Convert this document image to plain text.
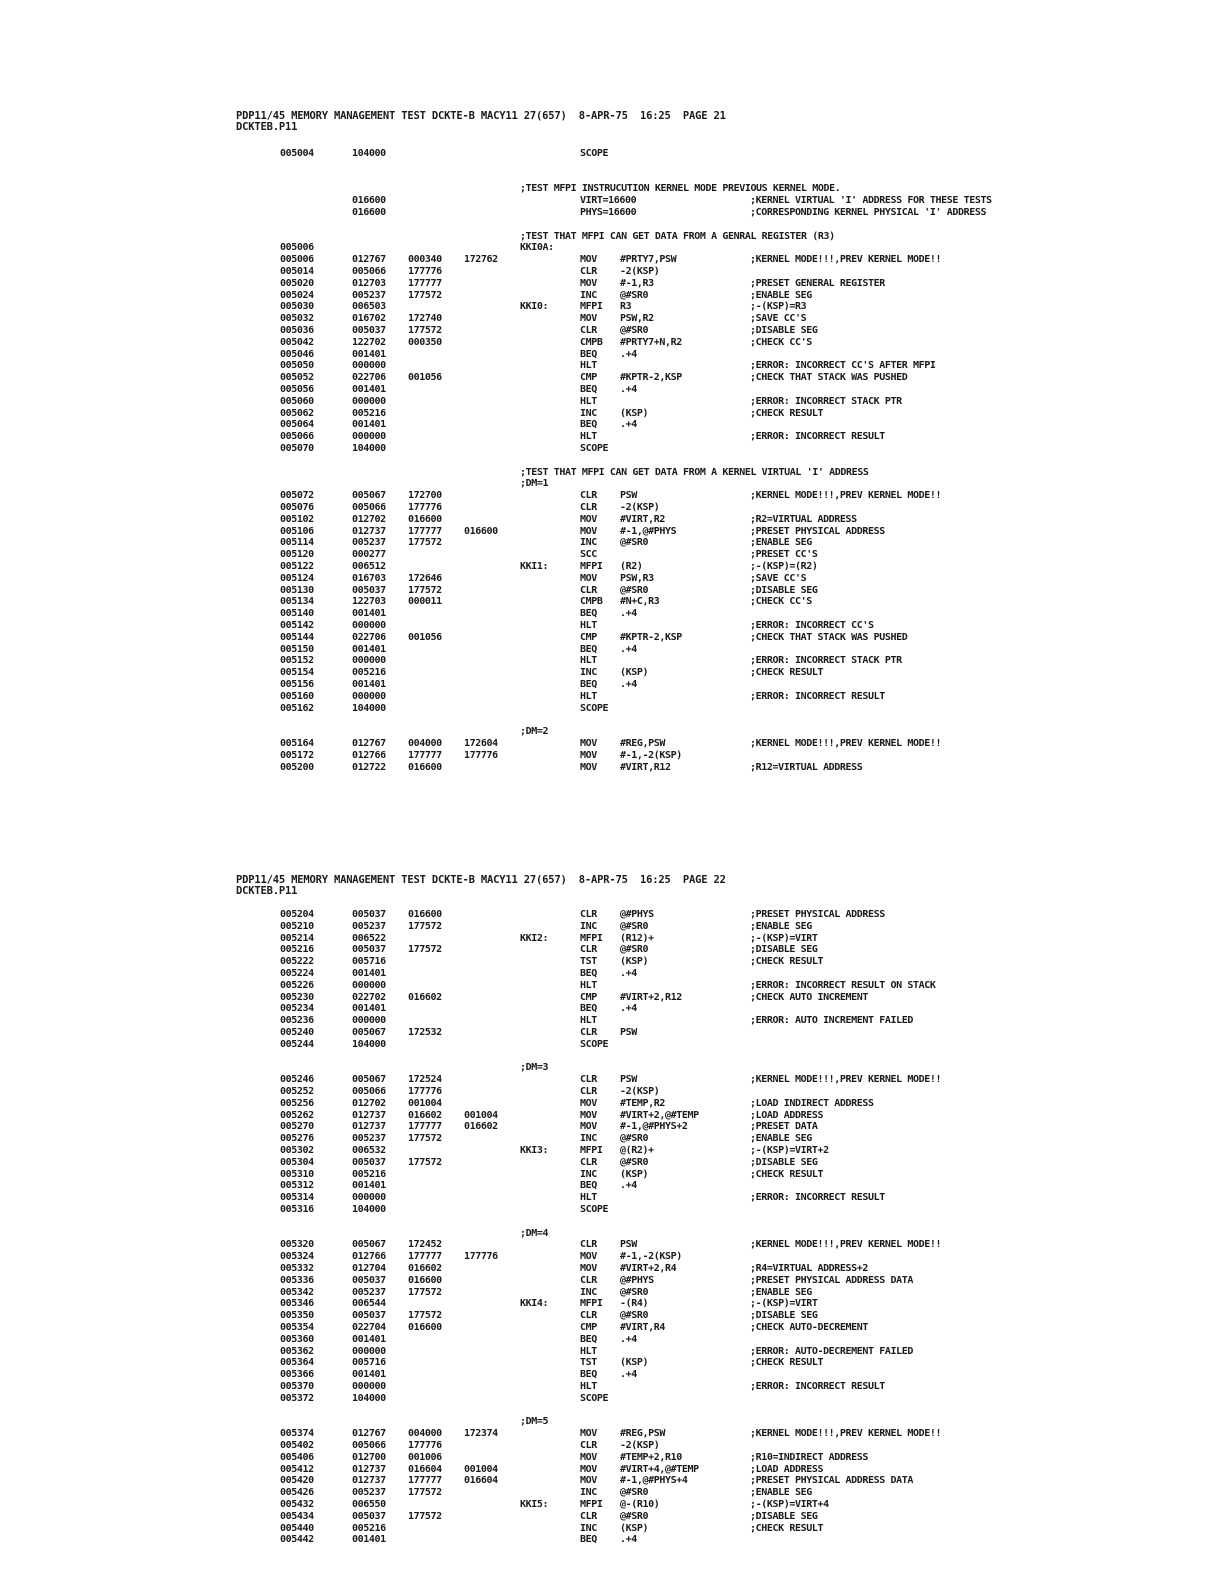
PDP11/45 MEMORY MANAGEMENT TEST DCKTE-B MACY11 27(657)  8-APR-75  16:25  PAGE 21
DCKTEB.P11
005004	104000	SCOPE
;TEST MFPI INSTRUCUTION KERNEL MODE PREVIOUS KERNEL MODE.
016600	VIRT=16600	;KERNEL VIRTUAL 'I' ADDRESS FOR THESE TESTS
016600	PHYS=16600	;CORRESPONDING KERNEL PHYSICAL 'I' ADDRESS
;TEST THAT MFPI CAN GET DATA FROM A GENRAL REGISTER (R3)
005006	KKI0A:
005006	012767 000340 172762	MOV #PRTY7,PSW	;KERNEL MODE!!!,PREV KERNEL MODE!!
005014	005066 177776	CLR -2(KSP)
005020	012703 177777	MOV #-1,R3	;PRESET GENERAL REGISTER
005024	005237 177572	INC @#SR0	;ENABLE SEG
005030	006503	KKI0:	MFPI R3	;-(KSP)=R3
005032	016702 172740	MOV PSW,R2	;SAVE CC'S
005036	005037 177572	CLR @#SR0	;DISABLE SEG
005042	122702 000350	CMPB #PRTY7+N,R2	;CHECK CC'S
005046	001401	BEQ .+4
005050	000000	HLT	;ERROR: INCORRECT CC'S AFTER MFPI
005052	022706 001056	CMP #KPTR-2,KSP	;CHECK THAT STACK WAS PUSHED
005056	001401	BEQ .+4
005060	000000	HLT	;ERROR: INCORRECT STACK PTR
005062	005216	INC (KSP)	;CHECK RESULT
005064	001401	BEQ .+4
005066	000000	HLT	;ERROR: INCORRECT RESULT
005070	104000	SCOPE
;TEST THAT MFPI CAN GET DATA FROM A KERNEL VIRTUAL 'I' ADDRESS
;DM=1
005072	005067 172700	CLR PSW	;KERNEL MODE!!!,PREV KERNEL MODE!!
005076	005066 177776	CLR -2(KSP)
005102	012702 016600	MOV #VIRT,R2	;R2=VIRTUAL ADDRESS
005106	012737 177777 016600	MOV #-1,@#PHYS	;PRESET PHYSICAL ADDRESS
005114	005237 177572	INC @#SR0	;ENABLE SEG
005120	000277	SCC	;PRESET CC'S
005122	006512	KKI1:	MFPI (R2)	;-(KSP)=(R2)
005124	016703 172646	MOV PSW,R3	;SAVE CC'S
005130	005037 177572	CLR @#SR0	;DISABLE SEG
005134	122703 000011	CMPB #N+C,R3	;CHECK CC'S
005140	001401	BEQ .+4
005142	000000	HLT	;ERROR: INCORRECT CC'S
005144	022706 001056	CMP #KPTR-2,KSP	;CHECK THAT STACK WAS PUSHED
005150	001401	BEQ .+4
005152	000000	HLT	;ERROR: INCORRECT STACK PTR
005154	005216	INC (KSP)	;CHECK RESULT
005156	001401	BEQ .+4
005160	000000	HLT	;ERROR: INCORRECT RESULT
005162	104000	SCOPE
;DM=2
005164	012767 004000 172604	MOV #REG,PSW	;KERNEL MODE!!!,PREV KERNEL MODE!!
005172	012766 177777 177776	MOV #-1,-2(KSP)
005200	012722 016600	MOV #VIRT,R12	;R12=VIRTUAL ADDRESS
PDP11/45 MEMORY MANAGEMENT TEST DCKTE-B MACY11 27(657)  8-APR-75  16:25  PAGE 22
DCKTEB.P11
005204	005037 016600	CLR @#PHYS	;PRESET PHYSICAL ADDRESS
005210	005237 177572	INC @#SR0	;ENABLE SEG
005214	006522	KKI2:	MFPI (R12)+	;-(KSP)=VIRT
005216	005037 177572	CLR @#SR0	;DISABLE SEG
005222	005716	TST (KSP)	;CHECK RESULT
005224	001401	BEQ .+4
005226	000000	HLT	;ERROR: INCORRECT RESULT ON STACK
005230	022702 016602	CMP #VIRT+2,R12	;CHECK AUTO INCREMENT
005234	001401	BEQ .+4
005236	000000	HLT	;ERROR: AUTO INCREMENT FAILED
005240	005067 172532	CLR PSW
005244	104000	SCOPE
;DM=3
005246	005067 172524	CLR PSW	;KERNEL MODE!!!,PREV KERNEL MODE!!
005252	005066 177776	CLR -2(KSP)
005256	012702 001004	MOV #TEMP,R2	;LOAD INDIRECT ADDRESS
005262	012737 016602 001004	MOV #VIRT+2,@#TEMP	;LOAD ADDRESS
005270	012737 177777 016602	MOV #-1,@#PHYS+2	;PRESET DATA
005276	005237 177572	INC @#SR0	;ENABLE SEG
005302	006532	KKI3:	MFPI @(R2)+	;-(KSP)=VIRT+2
005304	005037 177572	CLR @#SR0	;DISABLE SEG
005310	005216	INC (KSP)	;CHECK RESULT
005312	001401	BEQ .+4
005314	000000	HLT	;ERROR: INCORRECT RESULT
005316	104000	SCOPE
;DM=4
005320	005067 172452	CLR PSW	;KERNEL MODE!!!,PREV KERNEL MODE!!
005324	012766 177777 177776	MOV #-1,-2(KSP)
005332	012704 016602	MOV #VIRT+2,R4	;R4=VIRTUAL ADDRESS+2
005336	005037 016600	CLR @#PHYS	;PRESET PHYSICAL ADDRESS DATA
005342	005237 177572	INC @#SR0	;ENABLE SEG
005346	006544	KKI4:	MFPI -(R4)	;-(KSP)=VIRT
005350	005037 177572	CLR @#SR0	;DISABLE SEG
005354	022704 016600	CMP #VIRT,R4	;CHECK AUTO-DECREMENT
005360	001401	BEQ .+4
005362	000000	HLT	;ERROR: AUTO-DECREMENT FAILED
005364	005716	TST (KSP)	;CHECK RESULT
005366	001401	BEQ .+4
005370	000000	HLT	;ERROR: INCORRECT RESULT
005372	104000	SCOPE
;DM=5
005374	012767 004000 172374	MOV #REG,PSW	;KERNEL MODE!!!,PREV KERNEL MODE!!
005402	005066 177776	CLR -2(KSP)
005406	012700 001006	MOV #TEMP+2,R10	;R10=INDIRECT ADDRESS
005412	012737 016604 001004	MOV #VIRT+4,@#TEMP	;LOAD ADDRESS
005420	012737 177777 016604	MOV #-1,@#PHYS+4	;PRESET PHYSICAL ADDRESS DATA
005426	005237 177572	INC @#SR0	;ENABLE SEG
005432	006550	KKI5:	MFPI @-(R10)	;-(KSP)=VIRT+4
005434	005037 177572	CLR @#SR0	;DISABLE SEG
005440	005216	INC (KSP)	;CHECK RESULT
005442	001401	BEQ .+4
